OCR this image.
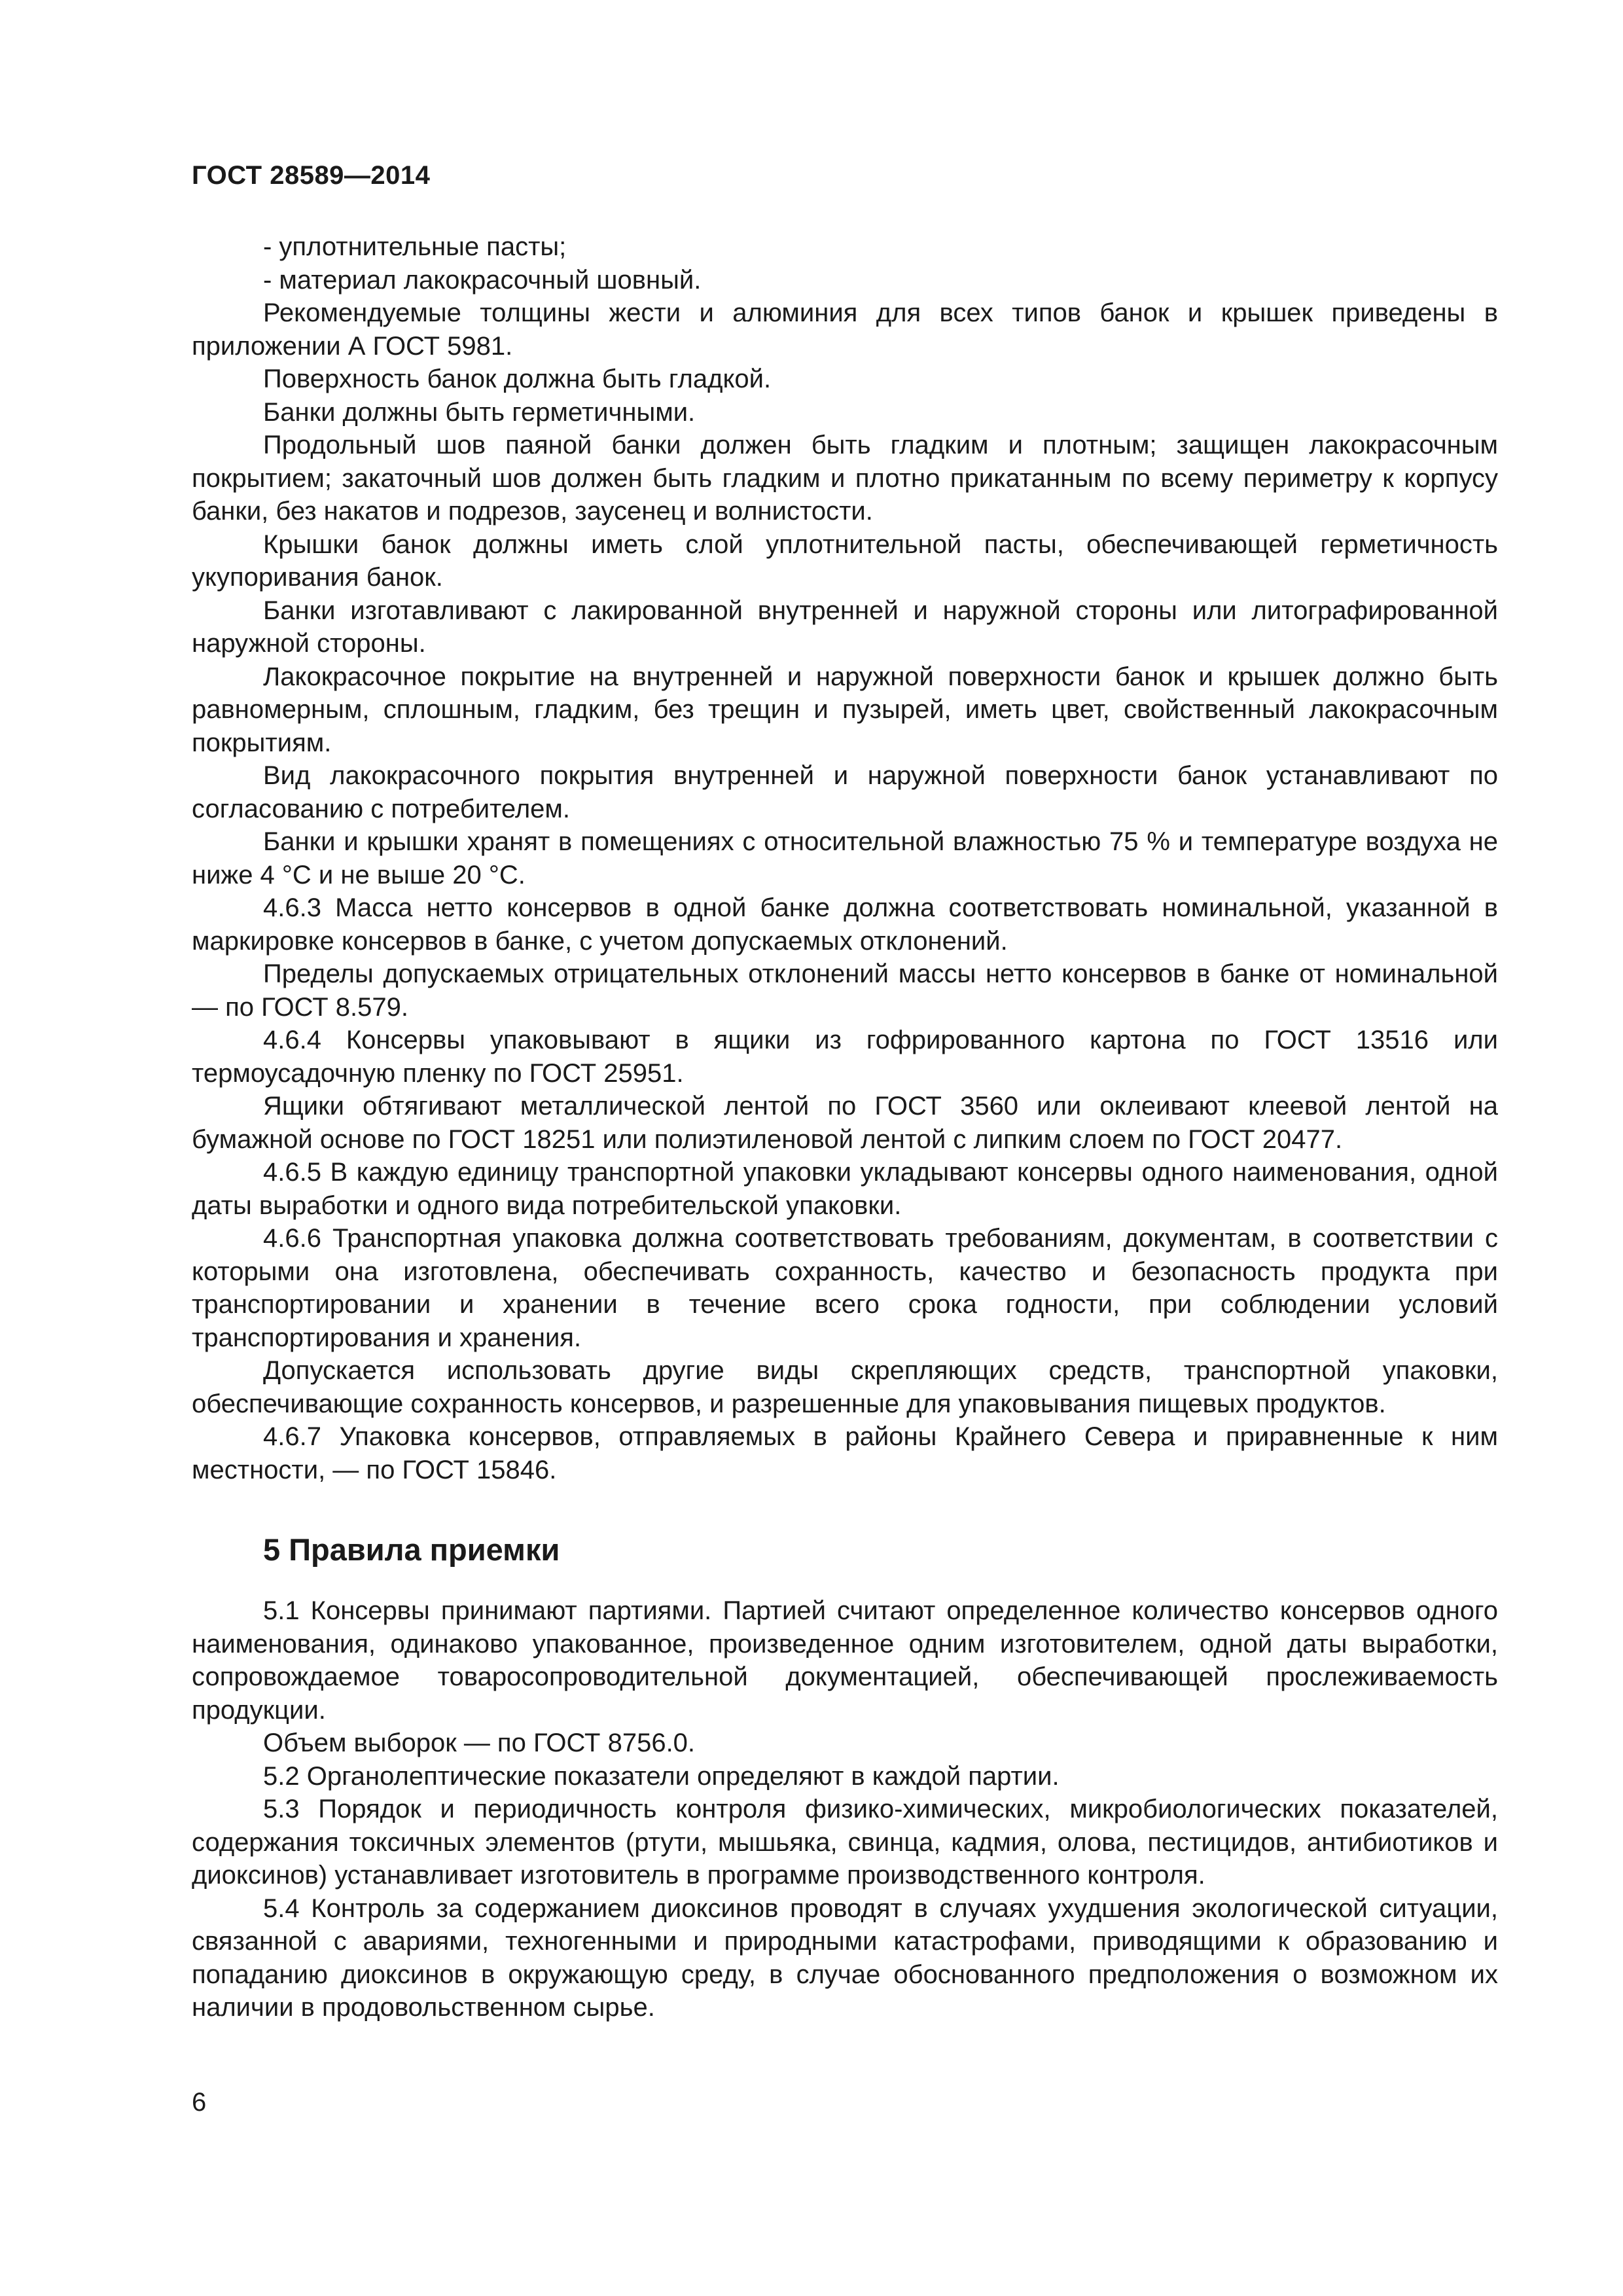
ГОСТ 28589—2014

- уплотнительные пасты;

- материал лакокрасочный шовный.

Рекомендуемые толщины жести и алюминия для всех типов банок и крышек приведены в приложении А ГОСТ 5981.

Поверхность банок должна быть гладкой.

Банки должны быть герметичными.

Продольный шов паяной банки должен быть гладким и плотным; защищен лакокрасочным покрытием; закаточный шов должен быть гладким и плотно прикатанным по всему периметру к корпусу банки, без накатов и подрезов, заусенец и волнистости.

Крышки банок должны иметь слой уплотнительной пасты, обеспечивающей герметичность укупоривания банок.

Банки изготавливают с лакированной внутренней и наружной стороны или литографированной наружной стороны.

Лакокрасочное покрытие на внутренней и наружной поверхности банок и крышек должно быть равномерным, сплошным, гладким, без трещин и пузырей, иметь цвет, свойственный лакокрасочным покрытиям.

Вид лакокрасочного покрытия внутренней и наружной поверхности банок устанавливают по согласованию с потребителем.

Банки и крышки хранят в помещениях с относительной влажностью 75 % и температуре воздуха не ниже 4 °С и не выше 20 °С.

4.6.3 Масса нетто консервов в одной банке должна соответствовать номинальной, указанной в маркировке консервов в банке, с учетом допускаемых отклонений.

Пределы допускаемых отрицательных отклонений массы нетто консервов в банке от номинальной — по ГОСТ 8.579.

4.6.4 Консервы упаковывают в ящики из гофрированного картона по ГОСТ 13516 или термоусадочную пленку по ГОСТ 25951.

Ящики обтягивают металлической лентой по ГОСТ 3560 или оклеивают клеевой лентой на бумажной основе по ГОСТ 18251 или полиэтиленовой лентой с липким слоем по ГОСТ 20477.

4.6.5 В каждую единицу транспортной упаковки укладывают консервы одного наименования, одной даты выработки и одного вида потребительской упаковки.

4.6.6 Транспортная упаковка должна соответствовать требованиям, документам, в соответствии с которыми она изготовлена, обеспечивать сохранность, качество и безопасность продукта при транспортировании и хранении в течение всего срока годности, при соблюдении условий транспортирования и хранения.

Допускается использовать другие виды скрепляющих средств, транспортной упаковки, обеспечивающие сохранность консервов, и разрешенные для упаковывания пищевых продуктов.

4.6.7 Упаковка консервов, отправляемых в районы Крайнего Севера и приравненные к ним местности, — по ГОСТ 15846.

5 Правила приемки

5.1 Консервы принимают партиями. Партией считают определенное количество консервов одного наименования, одинаково упакованное, произведенное одним изготовителем, одной даты выработки, сопровождаемое товаросопроводительной документацией, обеспечивающей прослеживаемость продукции.

Объем выборок — по ГОСТ 8756.0.

5.2 Органолептические показатели определяют в каждой партии.

5.3 Порядок и периодичность контроля физико-химических, микробиологических показателей, содержания токсичных элементов (ртути, мышьяка, свинца, кадмия, олова, пестицидов, антибиотиков и диоксинов) устанавливает изготовитель в программе производственного контроля.

5.4 Контроль за содержанием диоксинов проводят в случаях ухудшения экологической ситуации, связанной с авариями, техногенными и природными катастрофами, приводящими к образованию и попаданию диоксинов в окружающую среду, в случае обоснованного предположения о возможном их наличии в продовольственном сырье.

6
